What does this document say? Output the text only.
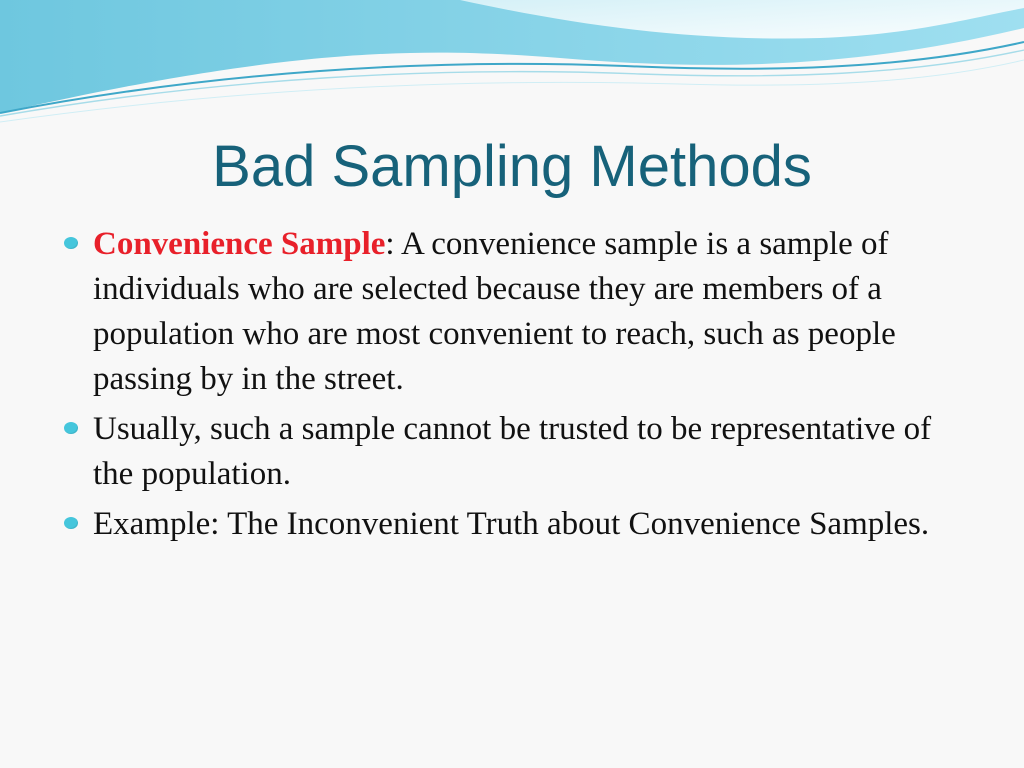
Bad Sampling Methods
Convenience Sample: A convenience sample is a sample of individuals who are selected because they are members of a population who are most convenient to reach, such as people passing by in the street.
Usually, such a sample cannot be trusted to be representative of the population.
Example: The Inconvenient Truth about Convenience Samples.
